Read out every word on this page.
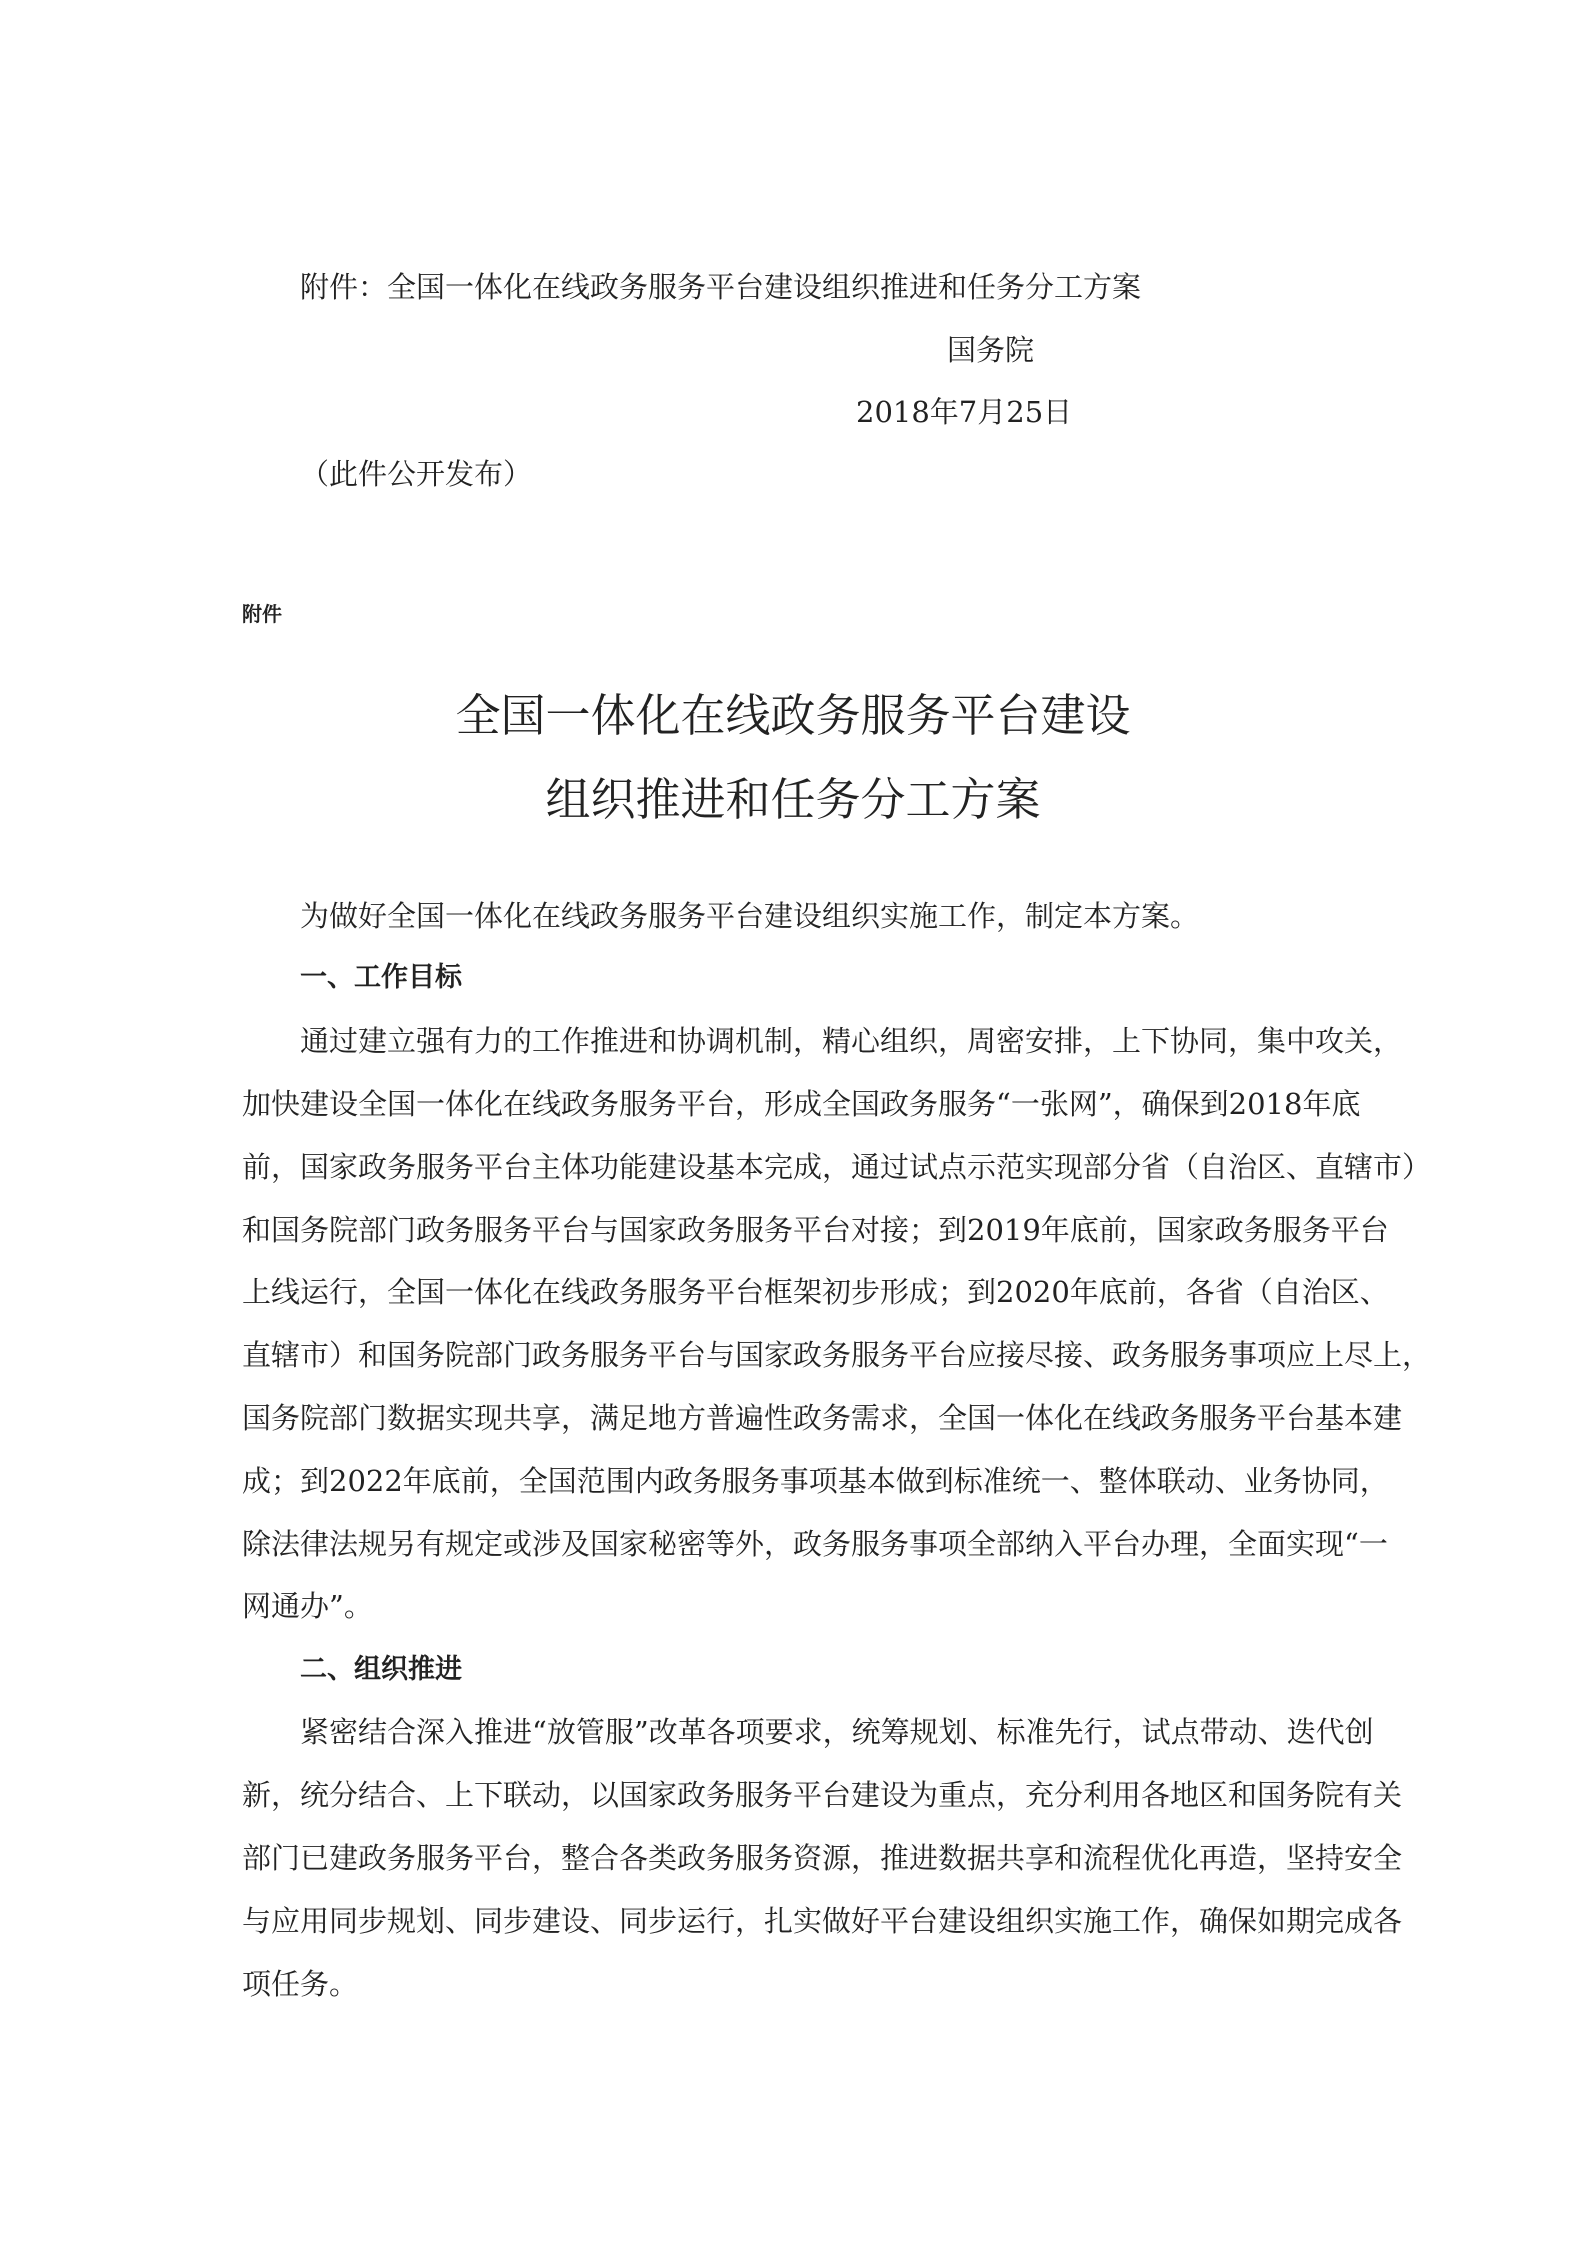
附件：全国一体化在线政务服务平台建设组织推进和任务分工方案
国务院
2018年7月25日
（此件公开发布）
附件
全国一体化在线政务服务平台建设
组织推进和任务分工方案
为做好全国一体化在线政务服务平台建设组织实施工作，制定本方案。
一、工作目标
通过建立强有力的工作推进和协调机制，精心组织，周密安排，上下协同，集中攻关，
加快建设全国一体化在线政务服务平台，形成全国政务服务“一张网”，确保到2018年底
前，国家政务服务平台主体功能建设基本完成，通过试点示范实现部分省（自治区、直辖市）
和国务院部门政务服务平台与国家政务服务平台对接；到2019年底前，国家政务服务平台
上线运行，全国一体化在线政务服务平台框架初步形成；到2020年底前，各省（自治区、
直辖市）和国务院部门政务服务平台与国家政务服务平台应接尽接、政务服务事项应上尽上，
国务院部门数据实现共享，满足地方普遍性政务需求，全国一体化在线政务服务平台基本建
成；到2022年底前，全国范围内政务服务事项基本做到标准统一、整体联动、业务协同，
除法律法规另有规定或涉及国家秘密等外，政务服务事项全部纳入平台办理，全面实现“一
网通办”。
二、组织推进
紧密结合深入推进“放管服”改革各项要求，统筹规划、标准先行，试点带动、迭代创
新，统分结合、上下联动，以国家政务服务平台建设为重点，充分利用各地区和国务院有关
部门已建政务服务平台，整合各类政务服务资源，推进数据共享和流程优化再造，坚持安全
与应用同步规划、同步建设、同步运行，扎实做好平台建设组织实施工作，确保如期完成各
项任务。
